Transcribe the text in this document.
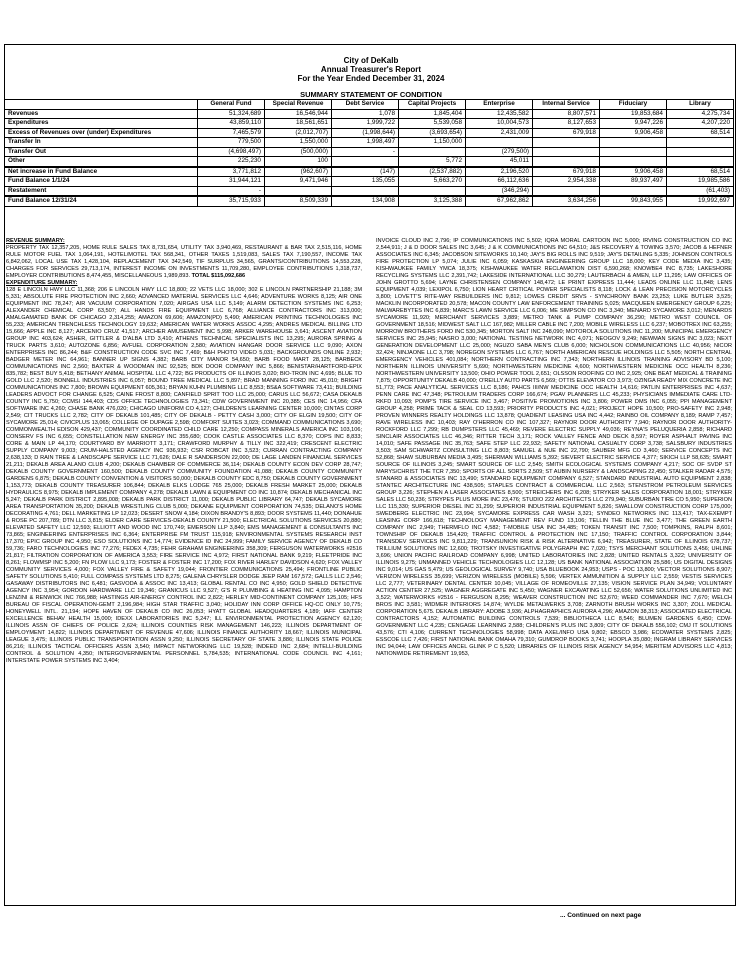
City of DeKalb
Annual Treasurer's Report
For the Year Ended December 31, 2024
SUMMARY STATEMENT OF CONDITION
	General Fund	Special Revenue	Debt Service	Capital Projects	Enterprise	Internal Service	Fiduciary	Library
Revenues	51,324,689	16,546,944	1,078	1,845,404	12,435,582	8,807,571	19,853,684	4,275,734
Expenditures	43,859,110	18,561,651	1,999,722	5,539,058	10,004,573	8,127,653	9,947,226	4,207,220
Excess of Revenues over (under) Expenditures	7,465,579	(2,012,707)	(1,998,644)	(3,693,654)	2,431,009	679,918	9,906,458	68,514
Transfer In	779,500	1,550,000	1,998,497	1,150,000				
Transfer Out	(4,698,497)	(500,000)	-		(279,500)			
Other	225,230	100		5,772	45,011			
Net increase in Fund Balance	3,771,812	(962,607)	(147)	(2,537,882)	2,196,520	679,918	9,906,458	68,514
Fund Balance 1/1/24	31,944,121	9,471,946	135,055	5,663,270	66,112,636	2,954,338	89,937,497	19,985,586
Restatement	-				(346,294)			(61,403)
Fund Balance 12/31/24	35,715,933	8,509,339	134,908	3,125,388	67,962,862	3,634,256	99,843,955	19,992,697
REVENUE SUMMARY:
PROPERTY TAX 12,357,205, HOME RULE SALES TAX 8,731,654, UTILITY TAX 3,940,469, RESTAURANT & BAR TAX 2,515,116, HOME RULE MOTOR FUEL TAX 1,064,191, HOTEL/MOTEL TAX 568,341, OTHER TAXES 1,519,083, SALES TAX 7,190,557, INCOME TAX 6,842,062, LOCAL USE TAX 1,428,104, REPLACEMENT TAX 342,549, TIF SURPLUS 34,565, GRANTS/CONTRIBUTIONS 14,553,228, CHARGES FOR SERVICES 29,713,174, INTEREST INCOME ON INVESTMENTS 11,709,280, EMPLOYEE CONTRIBUTIONS 1,318,737, EMPLOYER CONTRIBUTIONS 8,474,455, MISCELLANEOUS 1,989,893. TOTAL $115,092,686
EXPENDITURE SUMMARY:
128 E LINCOLN HWY LLC 11,368; 206 E LINCOLN HWY LLC 18,800; 22 VETS LLC 18,000; 302 E LINCOLN PARTNERSHIP 21,188; 3M 5,331; ABSOLUTE FIRE PROTECTION INC 2,660; ADVANCED MATERIAL SERVICES LLC 4,646; ADVENTURE WORKS 8,125; AIR ONE EQUIPMENT INC 78,247; AIR VACUUM CORPORATION 7,020; AIRGAS USA LLC 5,149; ALARM DETECTION SYSTEMS INC 6,253; ALEXANDER CHEMICAL CORP 63,507; ALL HANDS FIRE EQUIPMENT LLC 6,768; ALLIANCE CONTRACTORS INC 313,000; AMALGAMATED BANK OF CHICAGO 2,314,255; AMAZON 69,606; AMAZON(PD) 5,490; AMERICAN PRINTING TECHNOLOGIES INC 55,233; AMERICAN TRENCHLESS TECHNOLOGY 19,632; AMERICAN WATER WORKS ASSOC 4,295; ANDRES MEDICAL BILLING LTD 15,666; APPLE INC 8,127; ARCENIO CRUZ 41,517; ARCHER AMUSEMENT INC 5,998; ARKER WAREHOUSE 3,641; ASCENT AVIATION GROUP INC 403,624; ASHER, GITTLER & D'ALBA LTD 3,410; ATHENS TECHNICAL SPECIALISTS INC 13,295; AURORA SPRING & TRUCK PARTS 3,610; AUTOZONE 6,856; AVFUEL CORPORATION 2,580; AVIATION HANGAR DOOR SERVICE LLC 9,090; AXON ENTERPRISES INC 86,244; B&F CONSTRUCTION CODE SVC INC 7,469; B&H PHOTO VIDEO 5,031; BACKGROUNDS ONLINE 2,932; BADGER METER INC 64,961; BANNER UP SIGNS 4,382; BARB CITY MANOR 54,650; BARB FOOD MART 28,125; BARBECK COMMUNICATIONS INC 2,560; BAXTER & WOODMAN INC 92,525; BDK DOOR COMPANY INC 5,866; BENISTAR/HARTFORD-EPIX 835,782; BEST BUY 5,418; BETHANY ANIMAL HOSPITAL LLC 4,722; BG PRODUCTS OF ILLINOIS 3,020; BIO-TRON INC 4,695; BLUE TO GOLD LLC 2,520; BONNELL INDUSTRIES INC 6,057; BOUND TREE MEDICAL LLC 5,897; BRAD MANNING FORD INC 45,010; BRIGHT COMMUNICATIONS INC 7,800; BROWN EQUIPMENT 605,361; BRYAN KUHN PLUMBING LLC 8,553; BS&A SOFTWARE 73,411; BUILDING LEADERS ADVOCT FOR CHANGE 6,525; CAINE FROST 8,800; CANFIELD SPRIT TOO LLC 25,000; CARUS LLC 56,672; CASA DEKALB COUNTY INC 5,750; CCMSI 144,403; CDS OFFICE TECHNOLOGIES 73,341; CDW GOVERNMENT INC 20,385; CES INC 14,956; CFA SOFTWARE INC 4,260; CHASE BANK 476,020; CHICAGO UNIFORM CO 4,127; CHILDREN'S LEARNING CENTER 10,000; CINTAS CORP 2,549; CIT TRUCKS LLC 2,782; CITY OF DEKALB 101,485; CITY OF DEKALB - PETTY CASH 3,000; CITY OF ELGIN 19,500; CITY OF SYCAMORE 25,014; CIVICPLUS 13,065; COLLEGE OF DUPAGE 2,598; COMFORT SUITES 3,023; COMMAND COMMUNICATIONS 3,690; COMMONWEALTH EDISON 429,437; COMMUNITY COORDINATED CHILD CARE 12,250; COMPASS MINERALS AMERICA INC 103,106; CONSERV FS INC 6,655; CONSTELLATION NEW ENERGY INC 355,680; COOK CASTLE ASSOCIATES LLC 8,370; COPS INC 8,833; CORE & MAIN LP 44,170; COURTYARD BY MARRIOTT 3,171; CRAWFORD MURPHY & TILLY INC 322,419; CRESCENT ELECTRIC SUPPLY COMPANY 9,003; CRUM-HALSTED AGENCY INC 936,932; CSR ROBCAT INC 3,523; CURRAN CONTRACTING COMPANY 2,638,133; D RAIN TREE & LANDSCAPE SERVICE LLC 71,626; DALE R SANDERSON 22,000; DE LAGE LANDEN FINANCIAL SERVICES 21,211; DEKALB AREA ALANO CLUB 4,200; DEKALB CHAMBER OF COMMERCE 36,114; DEKALB COUNTY ECON DEV CORP 28,747; DEKALB COUNTY GOVERNMENT 160,500; DEKALB COUNTY COMMUNITY FOUNDATION 41,088; DEKALB COUNTY COMMUNITY GARDENS 6,875; DEKALB COUNTY CONVENTION & VISITORS 50,000; DEKALB COUNTY EDC 8,750; DEKALB COUNTY GOVERNMENT 1,153,773; DEKALB COUNTY TREASURER 106,844; DEKALB ELKS LODGE 765 25,000; DEKALB FRESH MARKET 25,000; DEKALB HYDRAULICS 8,975; DEKALB IMPLEMENT COMPANY 4,278; DEKALB LAWN & EQUIPMENT CO INC 10,874; DEKALB MECHANICAL INC 5,247; DEKALB PARK DISTRICT 2,895,008; DEKALB PARK DISTRICT 11,000; DEKALB PUBLIC LIBRARY 64,747; DEKALB SYCAMORE AREA TRANSPORTATION 35,200; DEKALB WRESTLING CLUB 5,000; DEKANE EQUIPMENT CORPORATION 74,535; DELANO'S HOME DECORATING 4,761; DELL MARKETING LP 12,023; DESERT SNOW 4,184; DIXON BRANDY'S 8,893; DOOR SYSTEMS 11,440; DONAHUE & ROSE PC 207,789; DTN LLC 3,815; ELDER CARE SERVICES-DEKALB COUNTY 21,500; ELECTRICAL SOLUTIONS SERVICES 20,880; ELEVATED SAFETY LLC 12,593; ELLIOTT AND WOOD INC 170,749; EMERSON LLP 3,840; EMS MANAGEMENT & CONSULTANTS INC 73,865; ENGINEERING ENTERPRISES INC 6,364; ENTERPRISE FM TRUST 115,918; ENVIRONMENTAL SYSTEMS RESEARCH INST 17,370; EPIC GROUP INC 4,950; ESO SOLUTIONS INC 14,774; EVIDENCE ID INC 24,999; FAMILY SERVICE AGENCY OF DEKALB CO 59,736; FARO TECHNOLOGIES INC 77,276; FEDEX 4,735; FEHR GRAHAM ENGINEERING 358,309; FERGUSON WATERWORKS #2516 21,817; FILTRATION CORPORATION OF AMERICA 3,553; FIRE SERVICE INC 4,972; FIRST NATIONAL BANK 9,219; FLEETPRIDE INC 8,261; FLOWMSP INC 5,200; FN PLOW LLC 9,173; FOSTER & FOSTER INC 17,200; FOX RIVER HARLEY DAVIDSON 4,620; FOX VALLEY COMMUNITY SERVICES 4,000; FOX VALLEY FIRE & SAFETY 19,044; FRONTIER COMMUNICATIONS 25,494; FRONTLINE PUBLIC SAFETY SOLUTIONS 5,410; FULL COMPASS SYSTEMS LTD 8,275; GALENA CHRYSLER DODGE JEEP RAM 167,572; GALLS LLC 2,546; GASAWAY DISTRIBUTORS INC 6,481; GASVODA & ASSOC INC 13,413; GLOBAL RENTAL CO INC 4,950; GOLD SHIELD DETECTIVE AGENCY INC 3,954; GORDON HARDWARE LLC 19,346; GRANICUS LLC 9,527; G'S R PLUMBING & HEATING INC 4,095; HAMPTON LENZINI & RENWICK INC 766,988; HASTINGS AIR-ENERGY CONTROL INC 2,822; HERLEY MID-CONTINENT COMPANY 125,105; HFS BUREAU OF FISCAL OPERATION-GEMT 2,196,984; HIGH STAR TRAFFIC 3,040; HOLIDAY INN CORP OFFICE HQ-CC ONLY 10,775; HONEYWELL INTL. 21,194; HOPE HAVEN OF DEKALB CO INC 26,053; HYATT GLOBAL HEADQUARTERS 4,189; IAFF CENTER EXCELLENCE BEHAV HEALTH 15,000; IDEXX LABORATORIES INC 5,247; ILL ENVIRONMENTAL PROTECTION AGENCY 62,120; ILLINOIS ASSN OF CHIEFS OF POLICE 2,624; ILLINOIS COUNTIES RISK MANAGEMENT 146,223; ILLINOIS DEPARTMENT OF EMPLOYMENT 14,822; ILLINOIS DEPARTMENT OF REVENUE 47,606; ILLINOIS FINANCE AUTHORITY 18,667; ILLINOIS MUNICIPAL LEAGUE 3,475; ILLINOIS PUBLIC TRANSPORTATION ASSN 9,250; ILLINOIS SECRETARY OF STATE 3,886; ILLINOIS STATE POLICE 86,216; ILLINOIS TACTICAL OFFICERS ASSN 3,540; IMPACT NETWORKING LLC 19,528; INDEED INC 2,684; INTELLI-BUILDING CONTROL & SOLUTION 4,350; INTERGOVERNMENTAL PERSONNEL 5,784,535; INTERNATIONAL CODE COUNCIL INC 4,161; INTERSTATE POWER SYSTEMS INC 3,404;
INVOICE CLOUD INC 2,796; IP COMMUNICATIONS INC 5,502; IQRA MORAL CARTOON INC 5,000; IRVING CONSTRUCTION CO INC 2,544,911; J & D DOOR SALES INC 3,645; J & K COMMUNICATIONS INC 64,510; J&S RECOVERY & TOWING 3,570; JACOB & HEFNER ASSOCIATES INC 6,345; JACOBSON SITEWORKS 10,140; JAY'S BIG ROLLS INC 9,519; JAY'S DETAILING 5,335; JOHNSON CONTROLS FIRE PROTECTION LP 5,074; JULIE INC 6,059; KASKASKIA ENGINEERING GROUP LLC 18,000; KEY CODE MEDIA INC 3,435; KISHWAUKEE FAMILY YMCA 18,375; KISHWAUKEE WATER RECLAMATION DIST 6,590,268; KNOWBE4 INC 8,735; LAKESHORE RECYCLING SYSTEMS LLC 2,391,742; LAKESIDE INTERNATIONAL LLC 30,279; LAUTERBACH & AMEN, LLP 11,295; LAW OFFICES OF JOHN GROTTO 5,694; LAYNE CHRISTENSEN COMPANY 148,472; LE PRINT EXPRESS 11,444; LEADS ONLINE LLC 11,848; LENS EQUIPMENT 4,039; LEXIPOL 6,750; LION HEART CRITICAL POWER SPECIALISTS 8,118; LOCK & LEAN PRECISION MOTORCYCLES 3,800; LOVETT'S RITE-WAY REBUILDERS INC 9,812; LOWES CREDIT SRVS - SYNCHRONY BANK 23,253; LUKE BUTLER 3,525; MACKLIN INCORPORATED 20,578; MACON COUNTY LAW ENFORCEMENT TRAINING 5,025; MACQUEEN EMERGENCY GROUP 6,225; MALWAREBYTES INC 6,839; MARC'S LAWN SERVICE LLC 6,006; ME SIMPSON CO INC 3,340; MENARD SYCAMORE 3,012; MENARDS SYCAMORE 11,920; MERCHANT SERVICES 3,889; METRO TANK & PUMP COMPANY 36,290; METRO WEST COUNCIL OF GOVERNMENT 18,516; MIDWEST SALT LLC 167,982; MILLER CABLE INC 7,200; MOBILE WIRELESS LLC 6,237; MOBOTREX INC 63,255; MORROW BROTHERS FORD INC 530,345; MORTON SALT INC 248,090; MOTOROLA SOLUTIONS INC 11,200; MUNICIPAL EMERGENCY SERVICES INC 25,945; NASRO 3,000; NATIONAL TESTING NETWORK INC 4,071; NEOGOV 9,249; NEWMAN SIGNS INC 3,023; NEXT GENERATION DEVELOPMENT LLC 25,000; NGUZO SABA MEN'S CLUB 6,000; NICHOLSON COMMUNICATIONS LLC 40,956; NICOR 32,424; NINJAONE LLC 3,798; NOREGON SYSTEMS LLC 6,767; NORTH AMERICAN RESCUE HOLDINGS LLC 5,505; NORTH CENTRAL EMERGENCY VEHICLES 401,084; NORTHERN CONTRACTING INC 7,343; NORTHERN ILLINOIS TRAINING ADVISORY BD 5,100; NORTHERN ILLINOIS UNIVERSITY 5,690; NORTHWESTERN MEDICINE 4,600; NORTHWESTERN MEDICINE OCC HEALTH 8,236; NORTHWESTERN UNIVERSITY 13,500; OHIO POWER TOOL 2,651; OLSSON ROOFING CO INC 2,925; ONE BEAT MEDICAL & TRAINING 7,875; OPPORTUNITY DEKALB 40,000; O'REILLY AUTO PARTS 6,569; OTTIS ELEVATOR CO 3,973; OZINGA READY MIX CONCRETE INC 51,773; PACE ANALYTICAL SERVICES LLC 8,186; PAHCS III/NW MEDICINE OCC HEALTH 14,616; PATLIN ENTERPRISES INC 4,637; PENN CARE INC 47,348; PETROLIUM TRADERS CORP 166,674; PGAV PLANNERS LLC 45,233; PHYSICIANS IMMEDIATE CARE LTD-RKFD 10,093; POMP'S TIRE SERVICE INC 3,467; POSITIVE PROMOTIONS INC 3,806; POWER DMS INC 6,055; PPI MANAGEMENT GROUP 4,258; PRIME TACK & SEAL CO 13,593; PRIORITY PRODUCTS INC 4,021; PROJECT HOPE 10,500; PRO-SAFETY INC 2,948; PROVEN WINNERS REALTY HOLDINGS LLC 13,878; QUADIENT LEASING USA INC 4,442; RAINBO OIL COMPANY 8,189; RAMP 7,457; RAVE WIRELESS INC 10,403; RAY O'HERRON CO INC 107,327; RAYNOR DOOR AUTHORITY 7,940; RAYNOR DOOR AUTHORITY-ROCKFORD LLC 7,299; RB DUMPSTERS LLC 45,469; REVERE ELECTRIC SUPPLY 49,036; REYNA'S PELUQUERIA 2,858; RICHARD SINCLAIR ASSOCIATES LLC 46,346; RITTER TECH 3,171; ROCK VALLEY FENCE AND DECK 8,597; ROYER ASPHALT PAVING INC 14,010; SAFE PASSAGE INC 35,763; SAFE STEP LLC 22,932; SAFETY NATIONAL CASUALTY CORP 3,738; SALSBURY INDUSTRIES 3,503; SAM SCHWARTZ CONSULTING LLC 8,803; SAMUEL & NUE INC 22,790; SAUBER MFG CO 3,460; SERVICE CONCEPTS INC 52,868; SHAW SUBURBAN MEDIA 3,495; SHERMAN WILLIAMS 5,392; SIEVERT ELECTRIC SERVICE 4,377; SIKICH LLP 58,635; SMART SOURCE OF ILLINOIS 3,245; SMART SOURCE OF LLC 2,545; SMITH ECOLOGICAL SYSTEMS COMPANY 4,217; SOC OF SVDP ST MARYS/CHRIST THE TCR 7,350; SPORTS OF ALL SORTS 2,509; ST AUBIN NURSERY & LANDSCAPING 22,450; STALKER RADAR 4,575; STANARD & ASSOCIATES INC 13,490; STANDARD EQUIPMENT COMPANY 6,527; STANDARD INDUSTRIAL AUTO EQUIPMENT 2,838; STANTEC ARCHITECTURE INC 438,505; STAPLES CONTRACT & COMMERCIAL LLC 2,563; STENSTROM PETROLEUM SERVICES GROUP 3,226; STEPHEN A LASER ASSOCIATES 8,500; STREICHERS INC 6,208; STRYKER SALES CORPORATION 18,001; STRYKER SALES LLC 50,236; STRYPES PLUS MORE INC 23,476; STUDIO 222 ARCHITECTS LLC 279,940; SUBURBAN TIRE CO 5,950; SUPERION LLC 115,330; SUPERIOR DIESEL INC 31,299; SUPERIOR INDUSTRIAL EQUIPMENT 5,826; SWALLOW CONSTRUCTION CORP 175,000; SWEDBERG ELECTRIC INC 23,994; SYCAMORE EXPRESS CAR WASH 3,321; SYNDEO NETWORKS INC 113,417; TAX-EXEMPT LEASING CORP 166,618; TECHNOLOGY MANAGEMENT REV FUND 13,106; TELLIN THE BLUE INC 3,477; THE GREEN EARTH COMPANY INC 2,949; THERMFLO INC 4,582; T-MOBILE USA INC 34,485; TOKEN TRANSIT INC 7,500; TOMPKINS, RALPH 8,601; TOWNSHIP OF DEKALB 154,420; TRAFFIC CONTROL & PROTECTION INC 17,150; TRAFFIC CONTROL CORPORATION 3,844; TRANSDEV SERVICES INC 9,811,229; TRANSUNION RISK & RISK ALTERNATIVE 6,942; TREASURER, STATE OF ILLINOIS 678,737; TRILLIUM SOLUTIONS INC 12,600; TROTSKY INVESTIGATIVE POLYGRAPH INC 7,020; TSYS MERCHANT SOLUTIONS 3,456; UHLINE 3,696; UNION PACIFIC RAILROAD COMPANY 6,998; UNITED LABORATORIES INC 2,828; UNITED RENTALS 3,322; UNIVERSITY OF ILLINOIS 9,275; UNMANNED VEHICLE TECHNOLOGIES LLC 12,128; US BANK NATIONAL ASSOCIATION 25,586; US DIGITAL DESIGNS INC 9,014; US GAS 5,479; US GEOLOGICAL SURVEY 9,740; USA BLUEBOOK 24,953; USPS - POC 13,800; VECTOR SOLUTIONS 8,907; VERIZON WIRELESS 35,699; VERIZON WIRELESS (MOBILE) 5,596; VERTEX AMMUNITION & SUPPLY LLC 2,559; VESTIS SERVICES LLC 2,777; VETERINARY DENTAL CENTER 10,045; VILLAGE OF ROMEOVILLE 27,135; VISION SERVICE PLAN 34,949; VOLUNTARY ACTION CENTER 27,525; WAGNER AGGREGATE INC 5,450; WAGNER EXCAVATING LLC 52,656; WATER SOLUTIONS UNLIMITED INC 3,522; WATERWORKS #2516 - FERGUSON 8,295; WEAVER CONSTRUCTION INC 52,670; WEED COMMANDER INC 7,670; WELCH BROS INC 3,581; WIDMER INTERIORS 14,874; WYLDE METALWERKS 3,708; ZARNOTH BRUSH WORKS INC 3,307; ZOLL MEDICAL CORPORATION 5,675. DEKALB LIBRARY: ADOBE 3,936; ALPHAGRAPHICS AURORA 4,296; AMAZON 38,313; ASSOCIATED ELECTRICAL CONTRACTORS 4,152; AUTOMATIC BUILDING CONTROLS 7,539; BIBLIOTHECA LLC 8,546; BLUMEN GARDENS 6,450; CDW-GOVERNMENT LLC 4,235; CENGAGE LEARNING 2,588; CHILDREN'S PLUS INC 3,809; CITY OF DEKALB 556,102; CMJ IT SOLUTIONS 43,576; CTI 4,106; CURRENT TECHNOLOGIES 58,998; DATA AXEL/INFO USA 9,802; EBSCO 3,986; ECOWATER SYSTEMS 2,825; ESSCOE LLC 7,426; FIRST NATIONAL BANK OMAHA 79,310; GUMDROP BOOKS 3,741; HOOPLA 35,080; INGRAM LIBRARY SERVICES INC 94,044; LAW OFFICES ANCEL GLINK P C 5,520; LIBRARIES OF ILLINOIS RISK AGENCY 54,954; MERITEM ADVISORS LLC 4,813; NATIONWIDE RETIREMENT 19,953,
... Continued on next page
